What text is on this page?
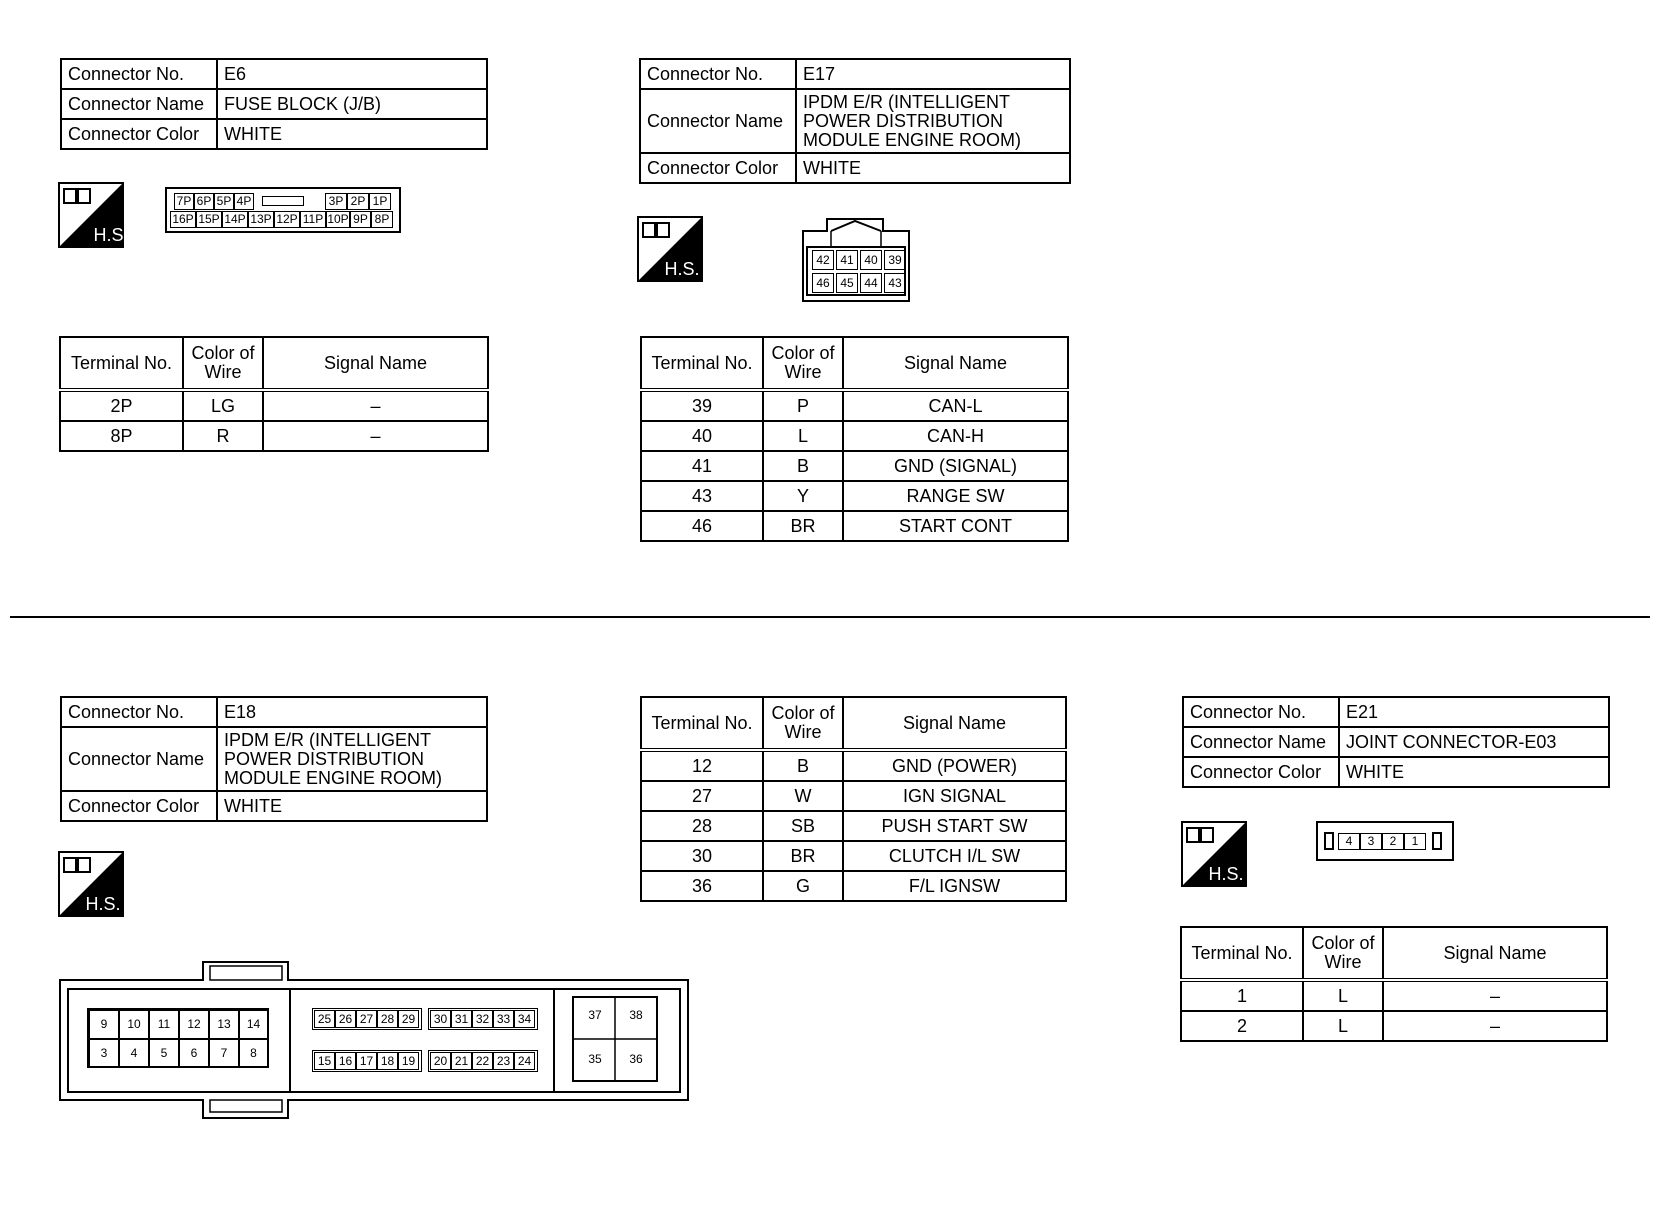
Connector No.	E6
Connector Name	FUSE BLOCK (J/B)
Connector Color	WHITE
H.S.
7P 6P 5P 4P	3P 2P 1P
16P 15P 14P 13P 12P 11P 10P 9P 8P
Terminal No.	Color of Wire	Signal Name
2P	LG	–
8P	R	–
Connector No.	E17
Connector Name	IPDM E/R (INTELLIGENT
POWER DISTRIBUTION
MODULE ENGINE ROOM)

Connector Color	WHITE
H.S.	42 41 40 39
46 45 44 43
Terminal No.	Color of Wire	Signal Name
39	P	CAN-L
40	L	CAN-H
41	B	GND (SIGNAL)
43	Y	RANGE SW
46	BR	START CONT
Connector No.	E18
Connector Name	IPDM E/R (INTELLIGENT
POWER DISTRIBUTION
MODULE ENGINE ROOM)

Connector Color	WHITE
H.S.
9	10	11	12	13	14
3	4	5	6	7	8
25 26 27 28 29	30 31 32 33 34
15 16 17 18 19	20 21 22 23 24
37	38
35	36
Terminal No.	Color of Wire	Signal Name
12	B	GND (POWER)
27	W	IGN SIGNAL
28	SB	PUSH START SW
30	BR	CLUTCH I/L SW
36	G	F/L IGNSW
Connector No.	E21
Connector Name	JOINT CONNECTOR-E03
Connector Color	WHITE
H.S.
4	3	2	1
Terminal No.	Color of Wire	Signal Name
1	L	–
2	L	–
